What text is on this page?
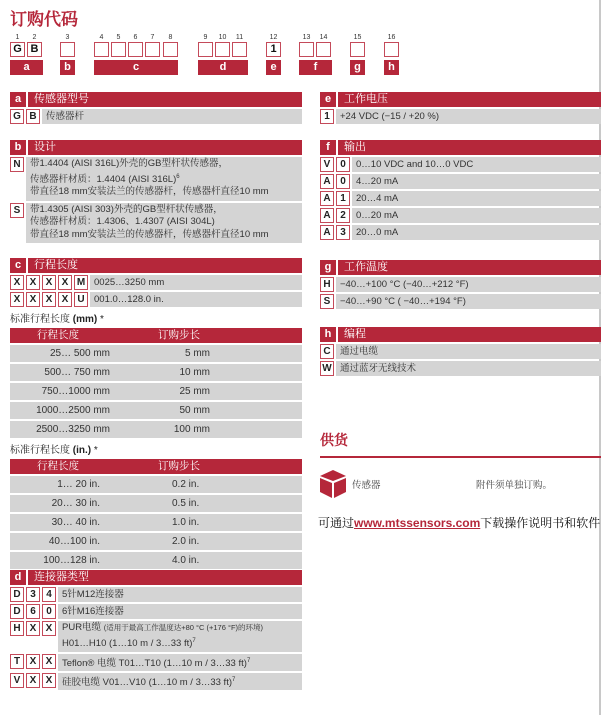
订购代码
1	2	3	4	5	6	7	8	9	10	11	12	13	14	15	16
G B	1
a	b	c	d	e	f	g	h
a	传感器型号
G B 传感器杆
b	设计
N 带1.4404 (AISI 316L)外壳的GB型杆状传感器，
传感器杆材质：1.4404 (AISI 316L)$^6$
带直径18 mm安装法兰的传感器杆，传感器杆直径10 mm
S	带1.4305 (AISI 303)外壳的GB型杆状传感器，
传感器杆材质：1.4306、1.4307 (AISI 304L)
带直径18 mm安装法兰的传感器杆，传感器杆直径10 mm
c	行程长度
X X X X M 0025…3250 mm
X X X X U 001.0…128.0 in.
标准行程长度 (mm) *
行程长度	订购步长
25… 500 mm	5 mm
500… 750 mm	10 mm
750…1000 mm	25 mm
1000…2500 mm	50 mm
2500…3250 mm	100 mm
标准行程长度 (in.) *
行程长度	订购步长
1… 20 in.	0.2 in.
20… 30 in.	0.5 in.
30… 40 in.	1.0 in.
40…100 in.	2.0 in.
100…128 in.	4.0 in.
d	连接器类型
D 3	4	5针M12连接器
D 6	0	6针M16连接器
H X X	PUR电缆 (适用于最高工作温度达+80 °C (+176 °F)的环境)
H01…H10 (1…10 m / 3…33 ft)$^7$
T X X	Teflon® 电缆 T01…T10 (1…10 m / 3…33 ft)$^7$
V X X	硅胶电缆 V01…V10 (1…10 m / 3…33 ft)$^7$
e	工作电压
1	+24 VDC (−15 / +20 %)
f	输出
V 0	0…10 VDC and 10…0 VDC
A 0	4…20 mA
A 1	20…4 mA
A 2	0…20 mA
A 3	20…0 mA
g	工作温度
H −40…+100 °C (−40…+212 °F)
S	−40…+90 °C ( −40…+194 °F)
h	编程
C 通过电缆
W 通过蓝牙无线技术
供货
传感器	附件须单独订购。
可通过www.mtssensors.com下载操作说明书和软件
